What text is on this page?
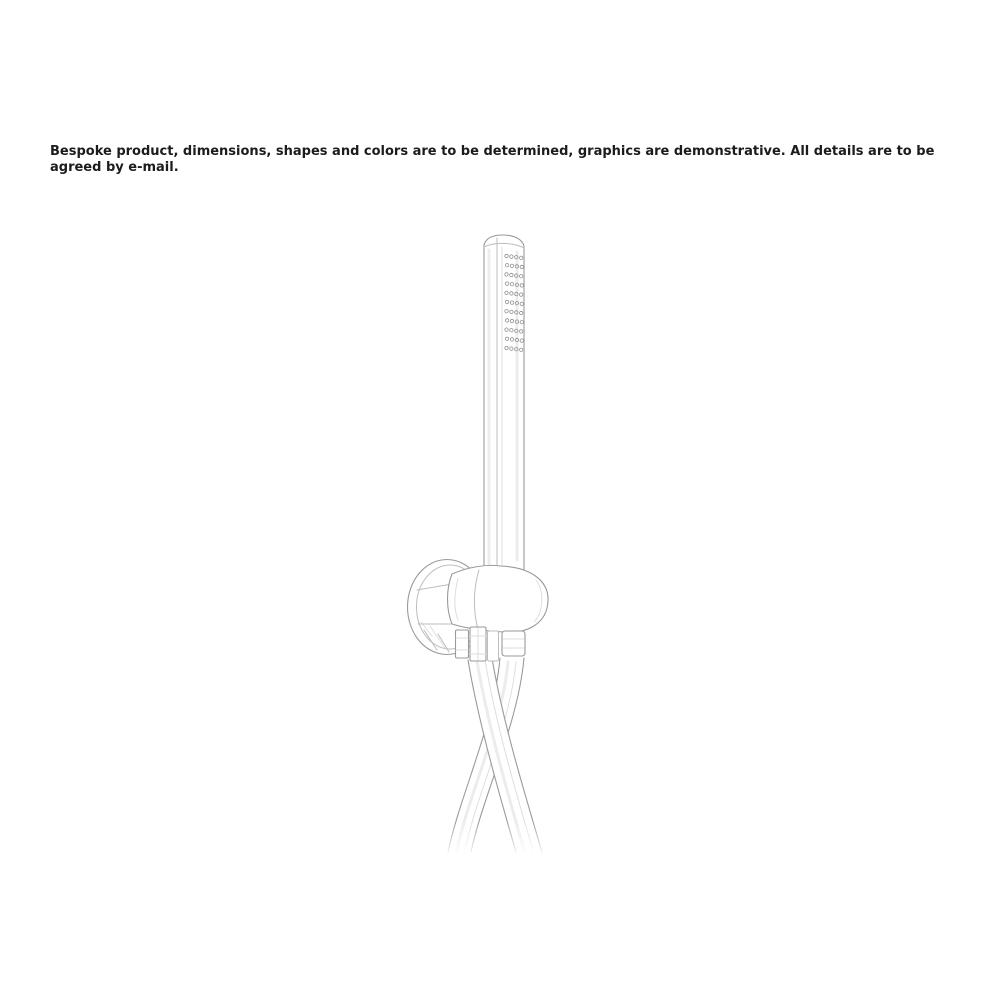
Bespoke product, dimensions, shapes and colors are to be determined, graphics are demonstrative. All details are to be
agreed by e-mail.
